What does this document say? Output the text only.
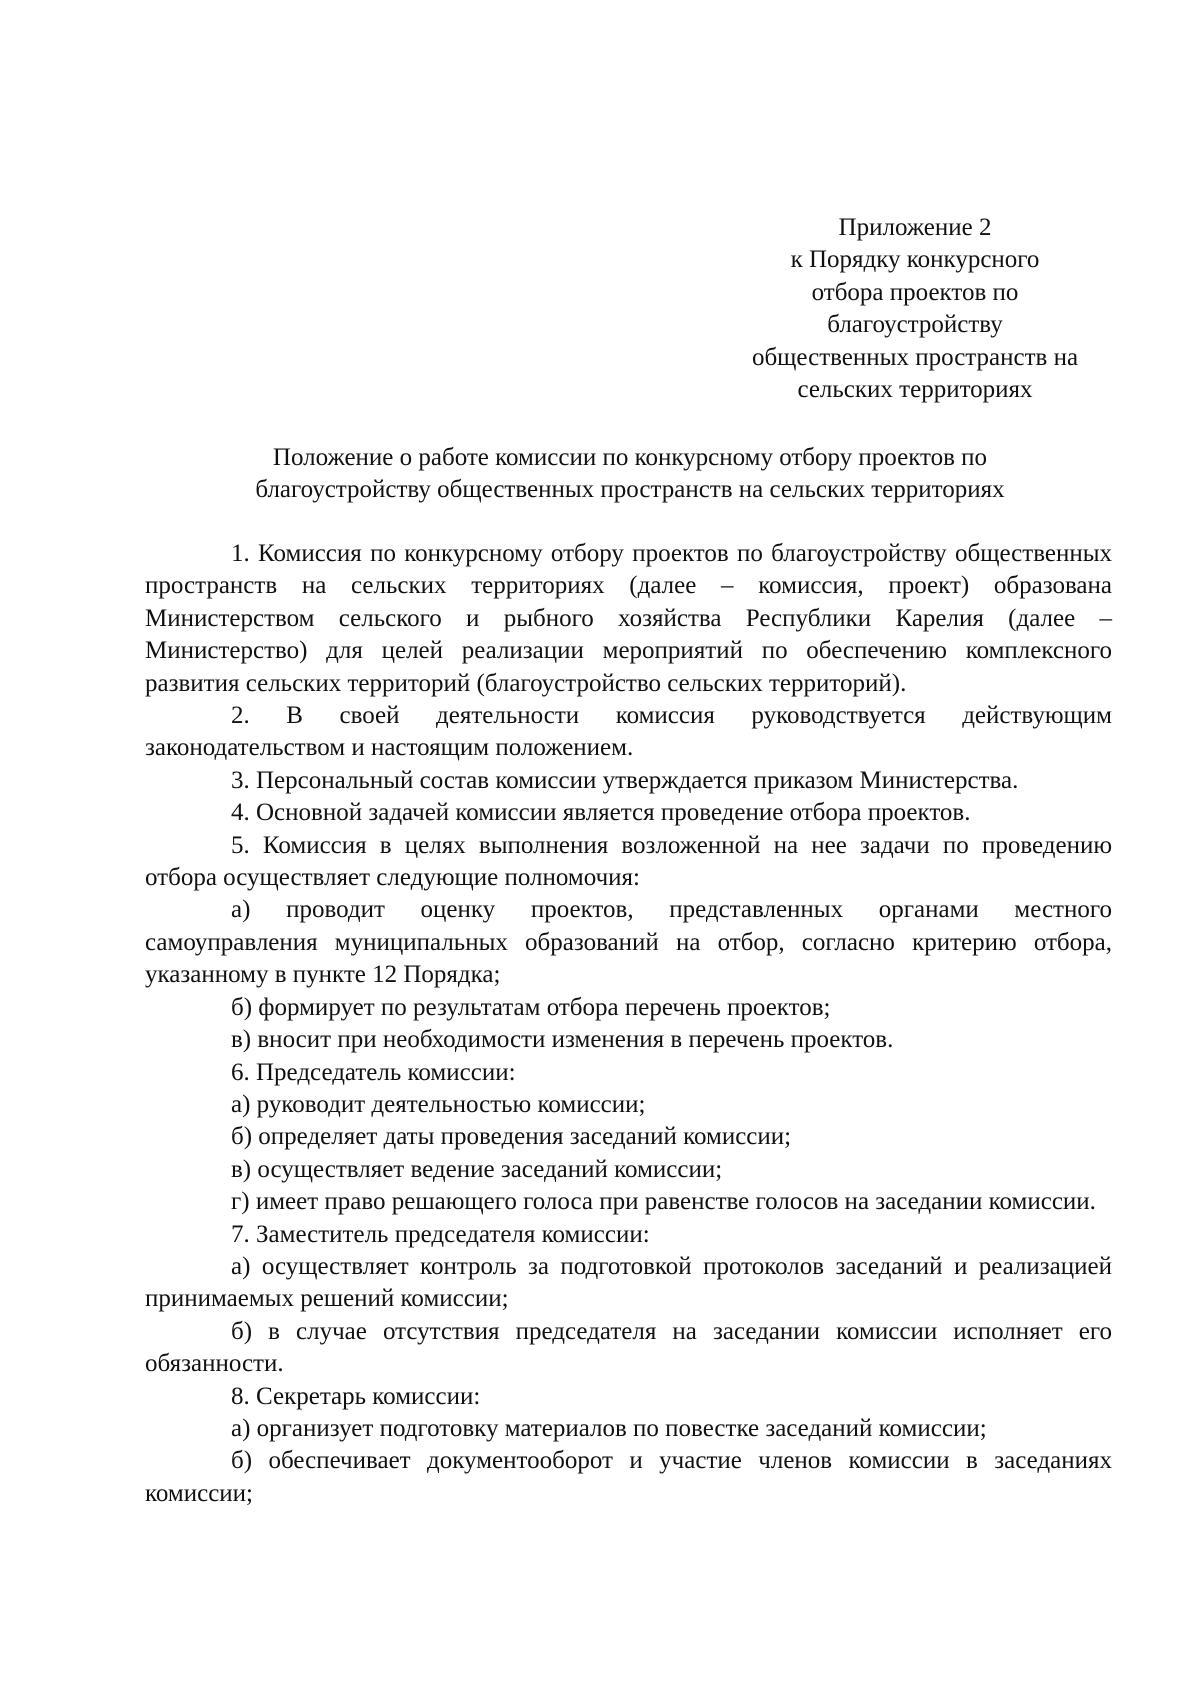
Приложение 2
к Порядку конкурсного
отбора проектов по
благоустройству
общественных пространств на
сельских территориях
Положение о работе комиссии по конкурсному отбору проектов по
благоустройству общественных пространств на сельских территориях

1. Комиссия по конкурсному отбору проектов по благоустройству общественных пространств на сельских территориях (далее – комиссия, проект) образована Министерством сельского и рыбного хозяйства Республики Карелия (далее – Министерство) для целей реализации мероприятий по обеспечению комплексного развития сельских территорий (благоустройство сельских территорий).

2. В своей деятельности комиссия руководствуется действующим законодательством и настоящим положением.

3. Персональный состав комиссии утверждается приказом Министерства.

4. Основной задачей комиссии является проведение отбора проектов.

5. Комиссия в целях выполнения возложенной на нее задачи по проведению отбора осуществляет следующие полномочия:

а) проводит оценку проектов, представленных органами местного самоуправления муниципальных образований на отбор, согласно критерию отбора, указанному в пункте 12 Порядка;

б) формирует по результатам отбора перечень проектов;

в) вносит при необходимости изменения в перечень проектов.

6. Председатель комиссии:

а) руководит деятельностью комиссии;

б) определяет даты проведения заседаний комиссии;

в) осуществляет ведение заседаний комиссии;

г) имеет право решающего голоса при равенстве голосов на заседании комиссии.

7. Заместитель председателя комиссии:

а) осуществляет контроль за подготовкой протоколов заседаний и реализацией принимаемых решений комиссии;

б) в случае отсутствия председателя на заседании комиссии исполняет его обязанности.

8. Секретарь комиссии:

а) организует подготовку материалов по повестке заседаний комиссии;

б) обеспечивает документооборот и участие членов комиссии в заседаниях комиссии;
